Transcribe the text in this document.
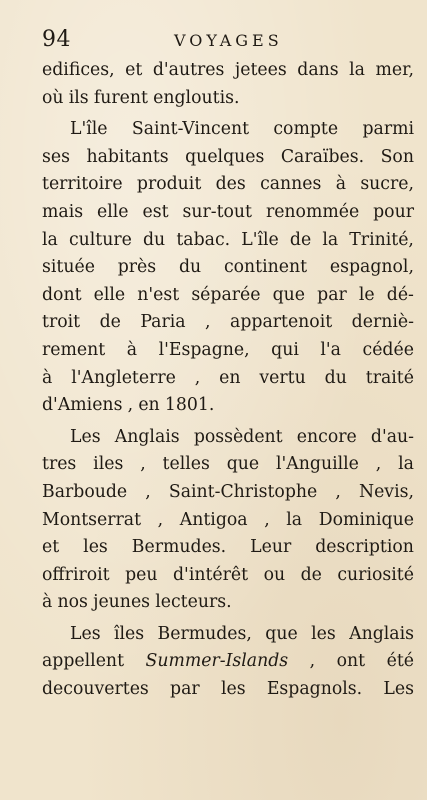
94	VOYAGES
edifices, et d'autres jetees dans la mer,
où ils furent engloutis.
L'île Saint-Vincent compte parmi
ses habitants quelques Caraïbes. Son
territoire produit des cannes à sucre,
mais elle est sur-tout renommée pour
la culture du tabac. L'île de la Trinité,
située près du continent espagnol,
dont elle n'est séparée que par le dé-
troit de Paria , appartenoit derniè-
rement à l'Espagne, qui l'a cédée
à l'Angleterre , en vertu du traité
d'Amiens , en 1801.
Les Anglais possèdent encore d'au-
tres iles , telles que l'Anguille , la
Barboude , Saint-Christophe , Nevis,
Montserrat , Antigoa , la Dominique
et les Bermudes. Leur description
offriroit peu d'intérêt ou de curiosité
à nos jeunes lecteurs.
Les îles Bermudes, que les Anglais
appellent Summer-Islands , ont été
decouvertes par les Espagnols. Les
